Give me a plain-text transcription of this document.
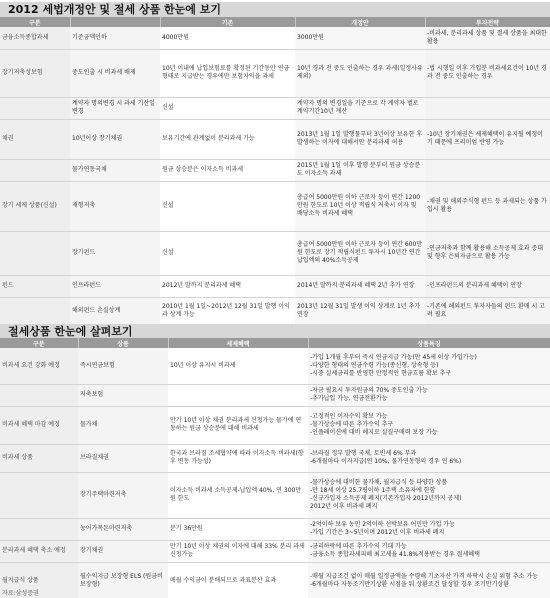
2012 세법개정안 및 절세 상품 한눈에 보기
구분		기존	개정안	투자전략
금융소득종합과세	기준금액인하	4000만원	3000만원	-비과세, 분리과세 상품 및 절세 상품을 최대한 활용
장기저축성보험	중도인출 시 비과세 배제	10년 이내에 납입보험료를 확정된 기간동안 연금형태로 지급받는 경우에만 보험차익을 과세	10년 경과 전 중도 인출하는 경우 과세(일정사유 제외)	-법 시행일 이후 가입분 비과세요건이 10년 경과 전 중도 인출하는 경우
	계약자 명의변경 시 과세 기산일 변경	신설	계약자 명의 변경일을 기준으로 각 계약자 별로 계약기간10년 계산	
채권	10년이상 장기채권	보유기간에 관계없이 분리과세 가능	2013년 1월 1일 발행물부터 3년이상 보유한 후 발생하는 이자에 대해서만 분리과세 허용	-10년 장기채권은 세제혜택이 유지될 예정이기 때문에 프리미엄 반영 가능
	물가연동국채	원금 상승분은 이자소득 비과세	2015년 1월 1일 이후 발행 분부터 원금 상승분도 이자소득 과세	
장기 세제 상품(신설)	재형저축	신설	총급여 5000만원 이하 근로자 등이 연간 1200만원 한도로 10년 이상 적립식 저축시 이자 및 배당소득 비과세 혜택	-채권 및 해외주식형 펀드 등 과세되는 상품 가입시 활용
	장기펀드	신설	총급여 5000만원 이하 근로자 등이 연간 600만원 한도로 장기 적립식펀드 투자시 10년간 연간납입액의 40%소득공제	-연금저축과 함께 활용해 소득공제 효과 증대 및 향후 은퇴자금으로 활용 가능
펀드	인프라펀드	2012년 말까지 분리과세 혜택	2014년 말까지 분리과세 혜택 2년 추가 연장	-인프라펀드의 분리과세 혜택이 연장
	해외펀드 손실상계	2010년 1월 1일~2012년 12월 31일 발행 이익과 상계 가능	2013년 12월 31일 발생 이익 상계로 1년 추가 연장	-기존에 해외펀드 투자자들의 펀드 환매 시 고려 필요
절세상품 한눈에 살펴보기
구분	상품	세제혜택	상품특징
비과세 요건 강화 예정	즉시연금보험	10년 이상 유지시 비과세	-가입 1개월 후부터 즉시 연금지급 가능(만 45세 이상 가입가능)
-다양한 형태의 연금수령 가능(종신형, 상속형 등)
-시중 실세금리를 반영한 안정적인 현금흐름 확보 추구
	저축보험		-자금 필요시 투자원금의 70% 중도인출 가능
-추가납입 가능, 연금전환가능
비과세 혜택 마감 예정	물가채	만기 10년 이상 채권 분리과세 신청가능 물가에 연동하는 원금 상승분에 대해 비과세	-고정적인 이자수익 확보 가능
-물가상승에 따른 추가수익 추구
-인플레이션에 대비 헤지로 실질구매력 보장 가능
비과세 상품	브라질채권	한국과 브라질 조세협약에 따라 이자소득 비과세(향후 변동 가능성)	-브라질 정부 발행 국채, 토빈세 6% 부과
-6개월마다 이자지급(연 10%, 물가연동형의 경우 연 6%)
	장기주택마련저축	이자소득 비과세 소득공제-납입액 40%, 연 300만원 한도	-물가상승에 대비한 물가채, 월지급식 등 다양한 상품
-만 18세 이상 25.7평이하 1주택 소유자에 한함
-신규가입자 소득공제 폐지(기존가입자 2012년까지 공제)
2012년 이후 비과세 폐지
	농어가목돈마련저축	분기 36만원	-2억이하 보유 농민 2억이하 선박보유 어민만 가입 가능
-가입 기간은 3~5년이며 2012년 이후 비과세 폐지
분리과세 혜택 축소 예정	장기채권	만기 10년 이상 채권의 이자에 대해 33% 분리 과세 신청가능	-금리하락에 따른 추가수익 기대 가능
-금융소득 종합과세피해 최고세율 41.8%적용받는 경우 절세혜택
월지급식 상품	월수익지급 보장형 ELS (원금비보장형)	매월 수익금이 분배되므로 과표분산 효과	-매월 지급조건 없이 매월 일정금액을 수령해 기초자산 가격 하락시 손실 위험 추소 가능
-6개월마다 자동조기만기상환 시점을 둬 상환조건 달성할 경우 조기만기상환
자료:삼성증권
